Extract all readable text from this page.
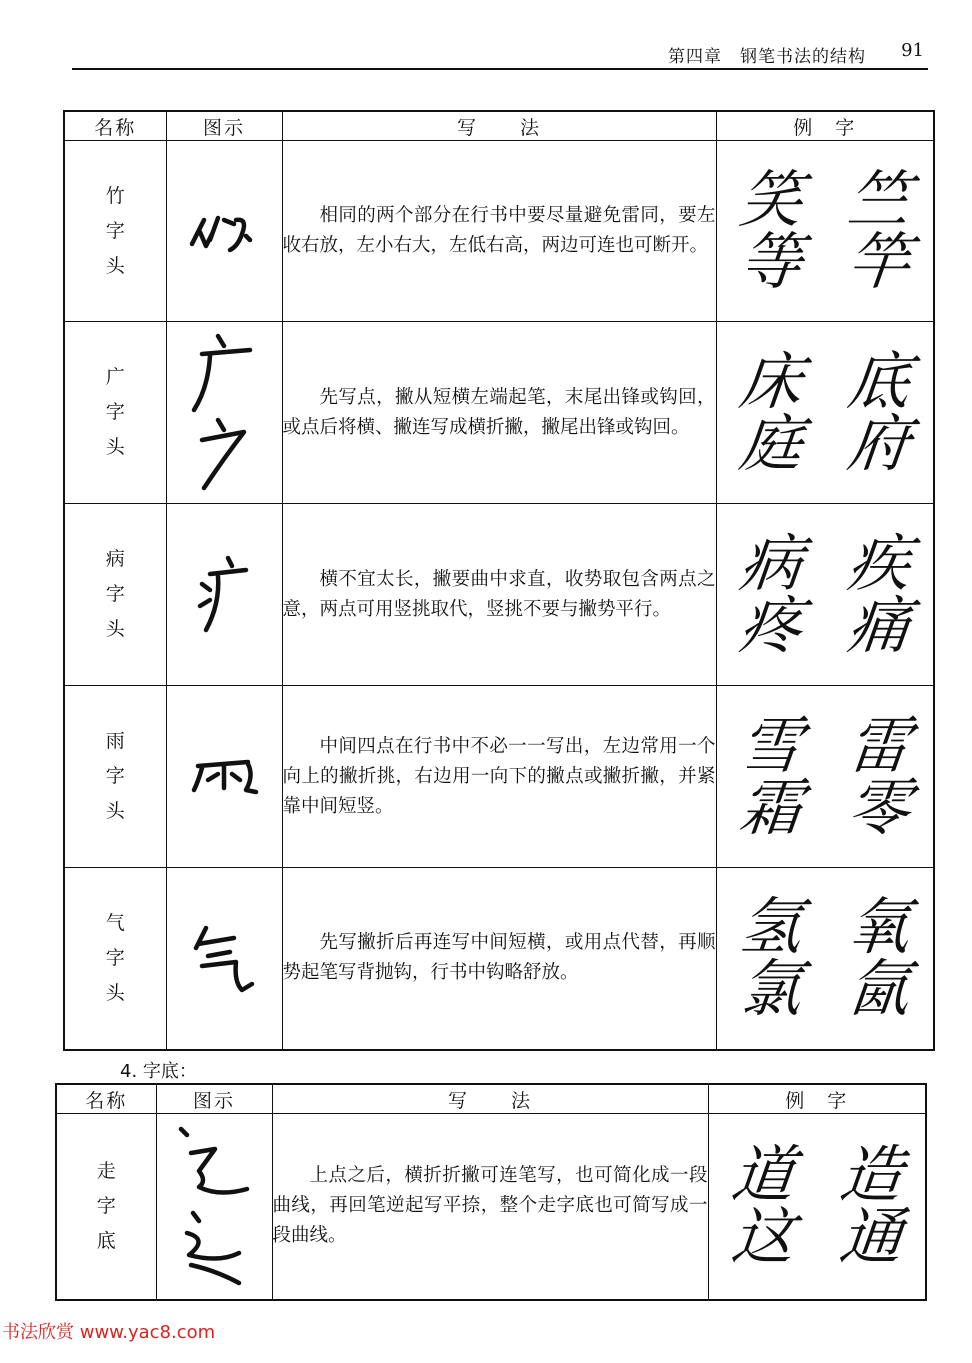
第四章　钢笔书法的结构 91
名称	图示	写　　法	例　字

竹
字
头		相同的两个部分在行书中要尽量避免雷同，要左收右放，左小右大，左低右高，两边可连也可断开。	笑 竺
等 竿

广
字
头		先写点，撇从短横左端起笔，末尾出锋或钩回，或点后将横、撇连写成横折撇，撇尾出锋或钩回。	床 底
庭 府

病
字
头		横不宜太长，撇要曲中求直，收势取包含两点之意，两点可用竖挑取代，竖挑不要与撇势平行。	病 疾
疼 痛

雨
字
头		中间四点在行书中不必一一写出，左边常用一个向上的撇折挑，右边用一向下的撇点或撇折撇，并紧靠中间短竖。	雪 雷
霜 零

气
字
头		先写撇折后再连写中间短横，或用点代替，再顺势起笔写背抛钩，行书中钩略舒放。	氢 氧
氯 氤
4. 字底：
名称	图示	写　　法	例　字

走
字
底		上点之后，横折折撇可连笔写，也可简化成一段曲线，再回笔逆起写平捺，整个走字底也可简写成一段曲线。	道 造
这 通
书法欣赏 www.yac8.com
